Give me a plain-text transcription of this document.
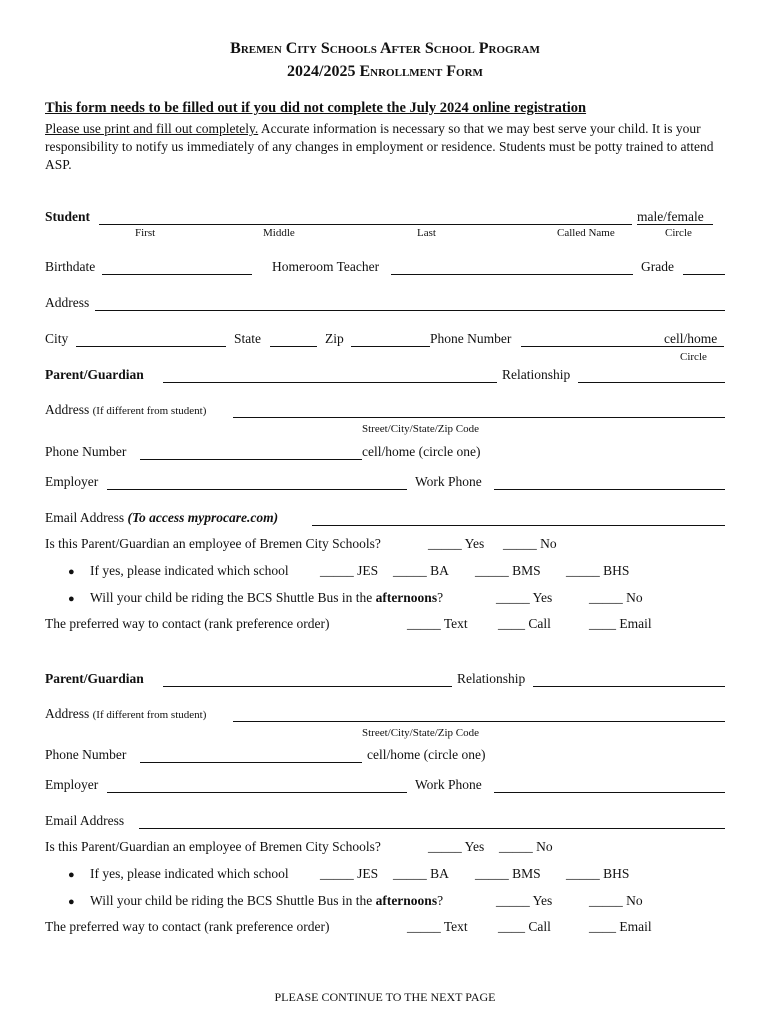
Bremen City Schools After School Program
2024/2025 Enrollment Form
This form needs to be filled out if you did not complete the July 2024 online registration
Please use print and fill out completely. Accurate information is necessary so that we may best serve your child. It is your responsibility to notify us immediately of any changes in employment or residence. Students must be potty trained to attend ASP.
Student	male/female
First	Middle	Last	Called Name	Circle
Birthdate	Homeroom Teacher	Grade
Address
City	State	Zip	Phone Number	cell/home
Circle
Parent/Guardian	Relationship
Address (If different from student)
Street/City/State/Zip Code
Phone Number	cell/home (circle one)
Employer	Work Phone
Email Address (To access myprocare.com)
Is this Parent/Guardian an employee of Bremen City Schools?	_____ Yes _____ No
● If yes, please indicated which school _____ JES _____ BA _____ BMS _____ BHS
● Will your child be riding the BCS Shuttle Bus in the afternoons?	_____ Yes	_____ No
The preferred way to contact (rank preference order)	_____ Text ____ Call	____ Email
Parent/Guardian	Relationship
Address (If different from student)
Street/City/State/Zip Code
Phone Number	cell/home (circle one)
Employer	Work Phone
Email Address
Is this Parent/Guardian an employee of Bremen City Schools?	_____ Yes _____ No
● If yes, please indicated which school _____ JES _____ BA _____ BMS _____ BHS
● Will your child be riding the BCS Shuttle Bus in the afternoons?	_____ Yes	_____ No
The preferred way to contact (rank preference order)	_____ Text ____ Call	____ Email
PLEASE CONTINUE TO THE NEXT PAGE
